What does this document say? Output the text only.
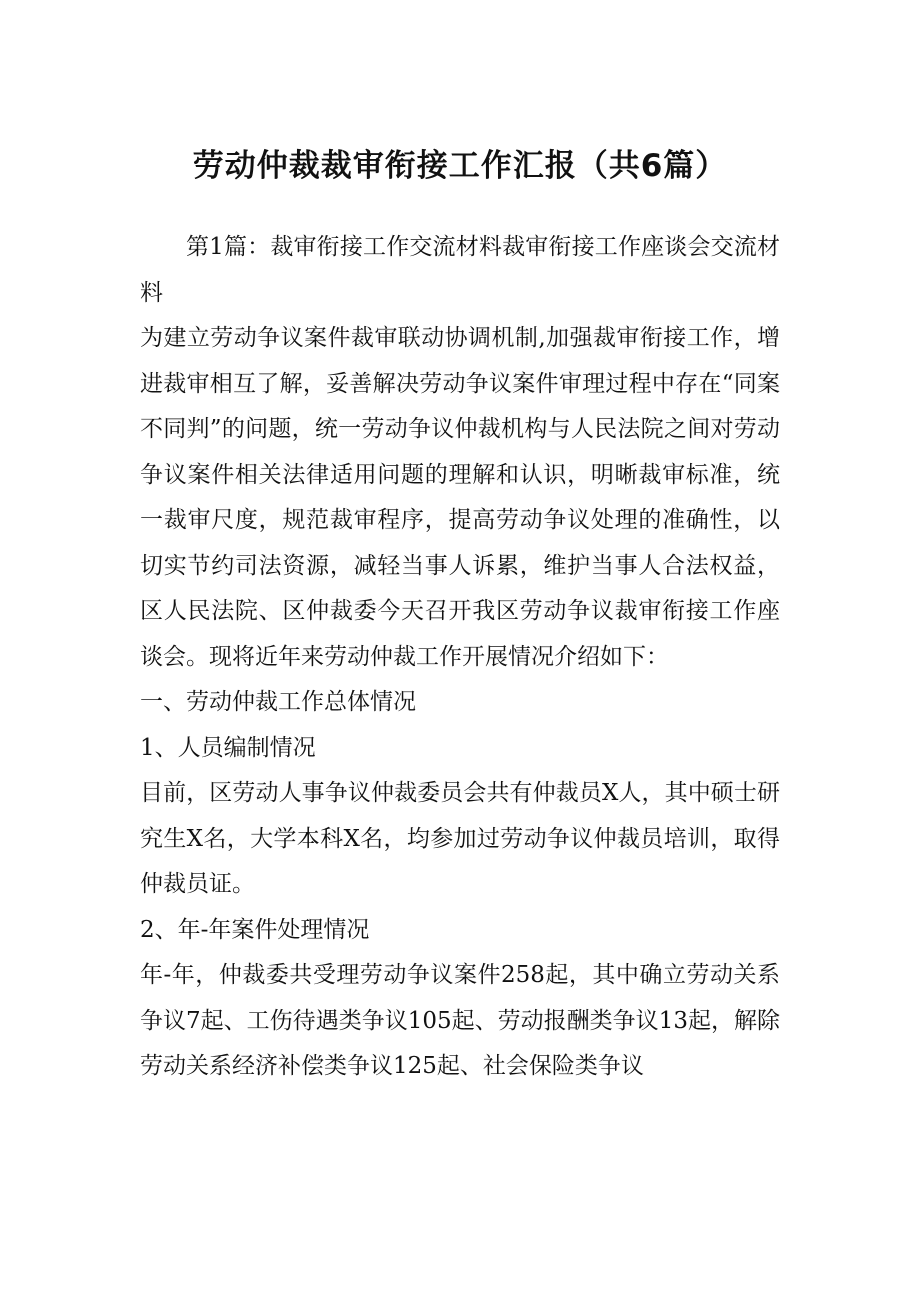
劳动仲裁裁审衔接工作汇报（共6篇）

第1篇：裁审衔接工作交流材料裁审衔接工作座谈会交流材料

为建立劳动争议案件裁审联动协调机制,加强裁审衔接工作，增进裁审相互了解，妥善解决劳动争议案件审理过程中存在“同案不同判”的问题，统一劳动争议仲裁机构与人民法院之间对劳动争议案件相关法律适用问题的理解和认识，明晰裁审标准，统一裁审尺度，规范裁审程序，提高劳动争议处理的准确性，以切实节约司法资源，减轻当事人诉累，维护当事人合法权益，区人民法院、区仲裁委今天召开我区劳动争议裁审衔接工作座谈会。现将近年来劳动仲裁工作开展情况介绍如下：

一、劳动仲裁工作总体情况

1、人员编制情况

目前，区劳动人事争议仲裁委员会共有仲裁员X人，其中硕士研究生X名，大学本科X名，均参加过劳动争议仲裁员培训，取得仲裁员证。

2、年-年案件处理情况

年-年，仲裁委共受理劳动争议案件258起，其中确立劳动关系争议7起、工伤待遇类争议105起、劳动报酬类争议13起，解除劳动关系经济补偿类争议125起、社会保险类争议
